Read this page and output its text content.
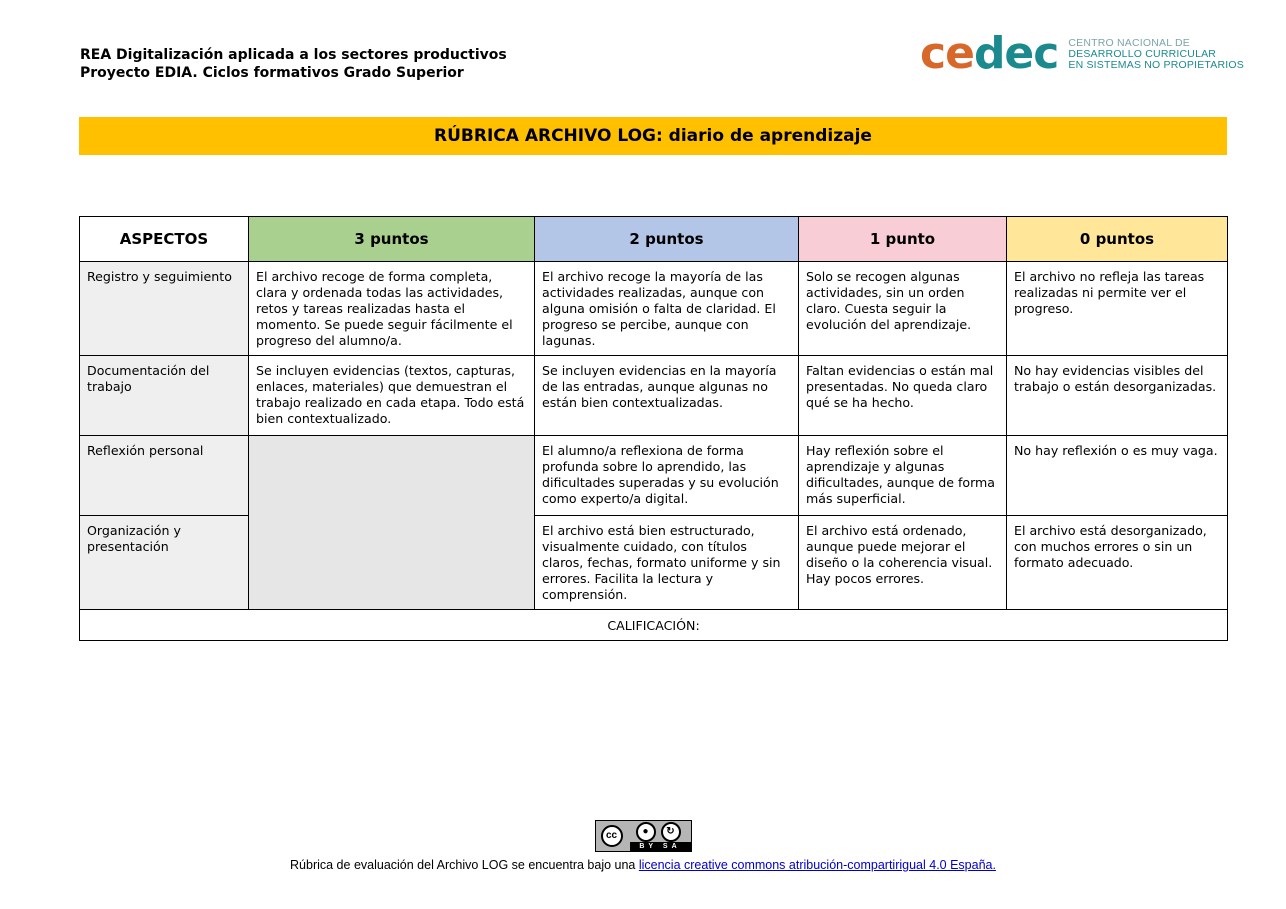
REA Digitalización aplicada a los sectores productivos
Proyecto EDIA. Ciclos formativos Grado Superior	cedec CENTRO NACIONAL DE
DESARROLLO CURRICULAR
EN SISTEMAS NO PROPIETARIOS
RÚBRICA ARCHIVO LOG: diario de aprendizaje
ASPECTOS	3 puntos	2 puntos	1 punto	0 puntos
Registro y seguimiento	El archivo recoge de forma completa, clara y ordenada todas las actividades, retos y tareas realizadas hasta el momento. Se puede seguir fácilmente el progreso del alumno/a.	El archivo recoge la mayoría de las actividades realizadas, aunque con alguna omisión o falta de claridad. El progreso se percibe, aunque con lagunas.	Solo se recogen algunas actividades, sin un orden claro. Cuesta seguir la evolución del aprendizaje.	El archivo no refleja las tareas realizadas ni permite ver el progreso.
Documentación del trabajo	Se incluyen evidencias (textos, capturas, enlaces, materiales) que demuestran el trabajo realizado en cada etapa. Todo está bien contextualizado.	Se incluyen evidencias en la mayoría de las entradas, aunque algunas no están bien contextualizadas.	Faltan evidencias o están mal presentadas. No queda claro qué se ha hecho.	No hay evidencias visibles del trabajo o están desorganizadas.
Reflexión personal		El alumno/a reflexiona de forma profunda sobre lo aprendido, las dificultades superadas y su evolución como experto/a digital.	Hay reflexión sobre el aprendizaje y algunas dificultades, aunque de forma más superficial.	No hay reflexión o es muy vaga.
Organización y presentación		El archivo está bien estructurado, visualmente cuidado, con títulos claros, fechas, formato uniforme y sin errores. Facilita la lectura y comprensión.	El archivo está ordenado, aunque puede mejorar el diseño o la coherencia visual. Hay pocos errores.	El archivo está desorganizado, con muchos errores o sin un formato adecuado.
CALIFICACIÓN:				
cc	●	↻
BY SA
Rúbrica de evaluación del Archivo LOG se encuentra bajo una licencia creative commons atribución-compartirigual 4.0 España.
